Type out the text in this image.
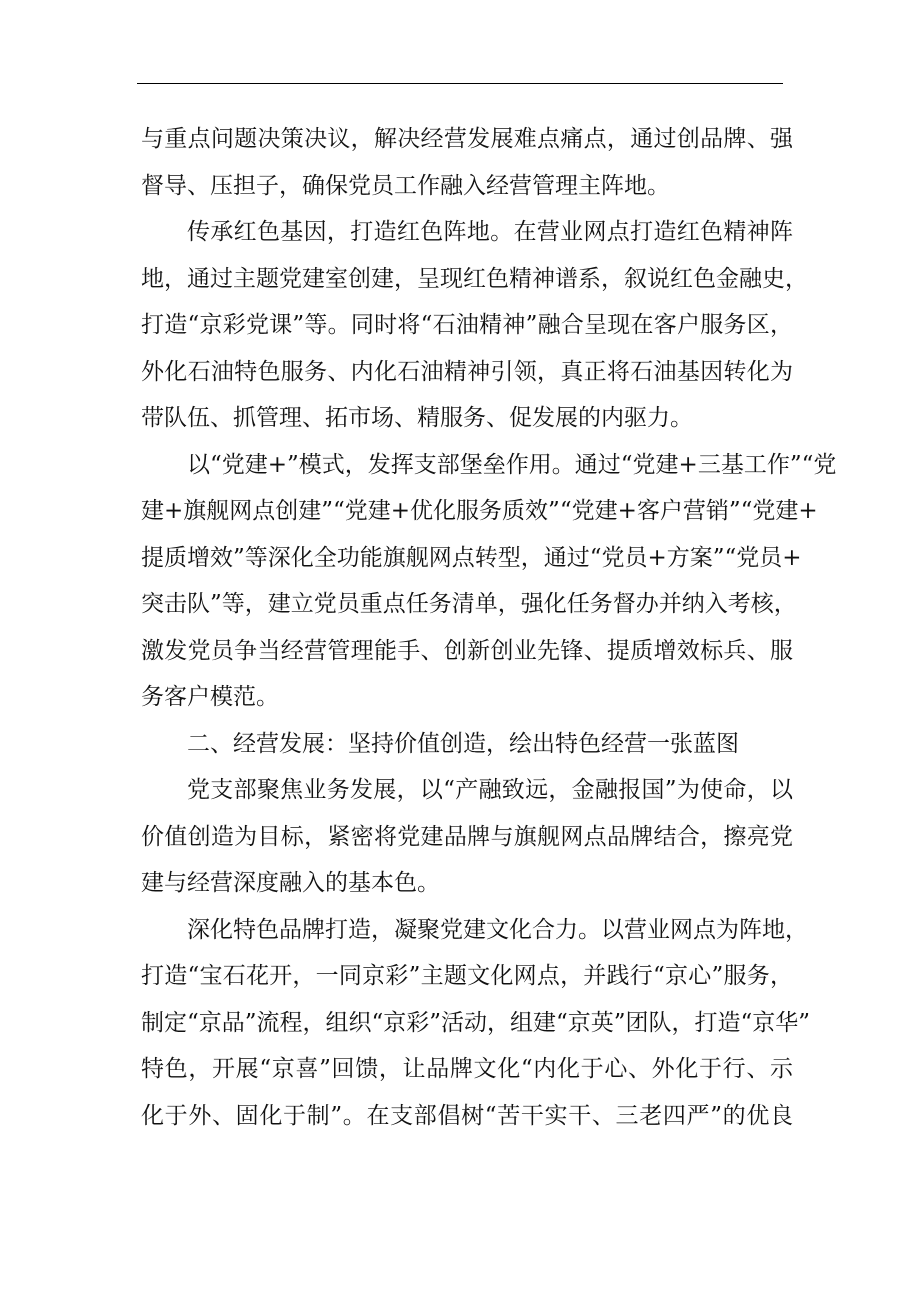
与重点问题决策决议，解决经营发展难点痛点，通过创品牌、强
督导、压担子，确保党员工作融入经营管理主阵地。
传承红色基因，打造红色阵地。在营业网点打造红色精神阵
地，通过主题党建室创建，呈现红色精神谱系，叙说红色金融史，
打造“京彩党课”等。同时将“石油精神”融合呈现在客户服务区，
外化石油特色服务、内化石油精神引领，真正将石油基因转化为
带队伍、抓管理、拓市场、精服务、促发展的内驱力。
以“党建+”模式，发挥支部堡垒作用。通过“党建+三基工作”“党
建+旗舰网点创建”“党建+优化服务质效”“党建+客户营销”“党建+
提质增效”等深化全功能旗舰网点转型，通过“党员+方案”“党员+
突击队”等，建立党员重点任务清单，强化任务督办并纳入考核，
激发党员争当经营管理能手、创新创业先锋、提质增效标兵、服
务客户模范。
二、经营发展：坚持价值创造，绘出特色经营一张蓝图
党支部聚焦业务发展，以“产融致远，金融报国”为使命，以
价值创造为目标，紧密将党建品牌与旗舰网点品牌结合，擦亮党
建与经营深度融入的基本色。
深化特色品牌打造，凝聚党建文化合力。以营业网点为阵地，
打造“宝石花开，一同京彩”主题文化网点，并践行“京心”服务，
制定“京品”流程，组织“京彩”活动，组建“京英”团队，打造“京华”
特色，开展“京喜”回馈，让品牌文化“内化于心、外化于行、示
化于外、固化于制”。在支部倡树“苦干实干、三老四严”的优良
